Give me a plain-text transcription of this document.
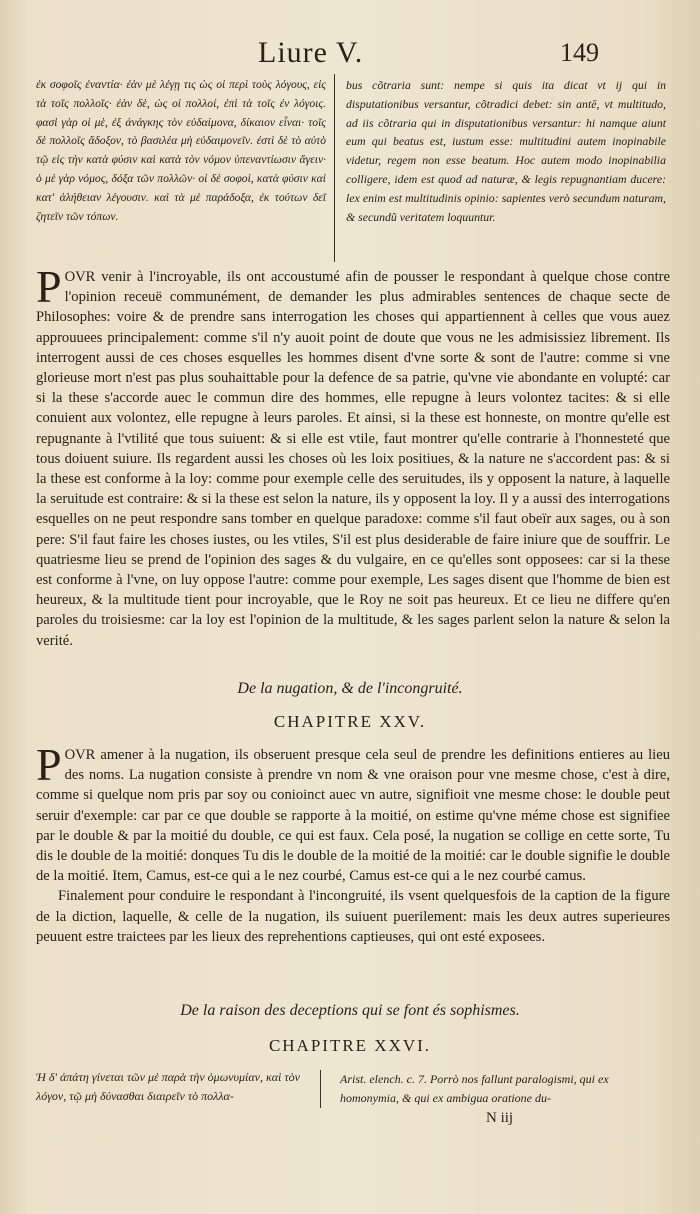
Liure V.	149
ἐκ σοφοῖς ἐναντία· ἐὰν μὲ λέγῃ τις ὡς οἱ περὶ τοὺς λόγους, εἰς τὰ τοῖς πολλοῖς· ἐὰν δὲ, ὡς οἱ πολλοί, ἐπὶ τὰ τοῖς ἐν λόγοις. φασὶ γὰρ οἱ μὲ, ἐξ ἀνάγκης τὸν εὐδαίμονα, δίκαιον εἶναι· τοῖς δὲ πολλοῖς ἄδοξον, τὸ βασιλέα μὴ εὐδαιμονεῖν. ἐστὶ δὲ τὸ αὐτὸ τῷ εἰς τὴν κατὰ φύσιν καὶ κατὰ τὸν νόμον ὑπεναντίωσιν ἄγειν· ὁ μὲ γὰρ νόμος, δόξα τῶν πολλῶν· οἱ δὲ σοφοὶ, κατὰ φύσιν καὶ κατ' ἀλήθειαν λέγουσιν. καὶ τὰ μὲ παράδοξα, ἐκ τούτων δεῖ ζητεῖν τῶν τόπων.
bus cõtraria sunt: nempe si quis ita dicat vt ij qui in disputationibus versantur, cõtradici debet: sin antē, vt multitudo, ad iis cõtraria qui in disputationibus versantur: hi namque aiunt eum qui beatus est, iustum esse: multitudini autem inopinabile videtur, regem non esse beatum. Hoc autem modo inopinabilia colligere, idem est quod ad naturæ, & legis repugnantiam ducere: lex enim est multitudinis opinio: sapientes verò secundum naturam, & secundũ veritatem loquuntur.

POVR venir à l'incroyable, ils ont accoustumé afin de pousser le respondant à quelque chose contre l'opinion receuë communément, de demander les plus admirables sentences de chaque secte de Philosophes: voire & de prendre sans interrogation les choses qui appartiennent à celles que vous auez approuuees principalement: comme s'il n'y auoit point de doute que vous ne les admisissiez librement. Ils interrogent aussi de ces choses esquelles les hommes disent d'vne sorte & sont de l'autre: comme si vne glorieuse mort n'est pas plus souhaittable pour la defence de sa patrie, qu'vne vie abondante en volupté: car si la these s'accorde auec le commun dire des hommes, elle repugne à leurs volontez tacites: & si elle conuient aux volontez, elle repugne à leurs paroles. Et ainsi, si la these est honneste, on montre qu'elle est repugnante à l'vtilité que tous suiuent: & si elle est vtile, faut montrer qu'elle contrarie à l'honnesteté que tous doiuent suiure. Ils regardent aussi les choses où les loix positiues, & la nature ne s'accordent pas: & si la these est conforme à la loy: comme pour exemple celle des seruitudes, ils y opposent la nature, à laquelle la seruitude est contraire: & si la these est selon la nature, ils y opposent la loy. Il y a aussi des interrogations esquelles on ne peut respondre sans tomber en quelque paradoxe: comme s'il faut obeïr aux sages, ou à son pere: S'il faut faire les choses iustes, ou les vtiles, S'il est plus desiderable de faire iniure que de souffrir. Le quatriesme lieu se prend de l'opinion des sages & du vulgaire, en ce qu'elles sont opposees: car si la these est conforme à l'vne, on luy oppose l'autre: comme pour exemple, Les sages disent que l'homme de bien est heureux, & la multitude tient pour incroyable, que le Roy ne soit pas heureux. Et ce lieu ne differe qu'en paroles du troisiesme: car la loy est l'opinion de la multitude, & les sages parlent selon la nature & selon la verité.

De la nugation, & de l'incongruité.
CHAPITRE XXV.

POVR amener à la nugation, ils obseruent presque cela seul de prendre les definitions entieres au lieu des noms. La nugation consiste à prendre vn nom & vne oraison pour vne mesme chose, c'est à dire, comme si quelque nom pris par soy ou conioinct auec vn autre, signifioit vne mesme chose: le double peut seruir d'exemple: car par ce que double se rapporte à la moitié, on estime qu'vne méme chose est signifiee par le double & par la moitié du double, ce qui est faux. Cela posé, la nugation se collige en cette sorte, Tu dis le double de la moitié: donques Tu dis le double de la moitié de la moitié: car le double signifie le double de la moitié. Item, Camus, est-ce qui a le nez courbé, Camus est-ce qui a le nez courbé camus.

Finalement pour conduire le respondant à l'incongruité, ils vsent quelquesfois de la caption de la figure de la diction, laquelle, & celle de la nugation, ils suiuent puerilement: mais les deux autres superieures peuuent estre traictees par les lieux des reprehentions captieuses, qui ont esté exposees.

De la raison des deceptions qui se font és sophismes.
CHAPITRE XXVI.
Ἡ δ' ἀπάτη γίνεται τῶν μὲ παρὰ τὴν ὁμωνυμίαν, καὶ τὸν λόγον, τῷ μὴ δύνασθαι διαιρεῖν τὸ πολλα-
Arist. elench. c. 7. Porrò nos fallunt paralogismi, qui ex homonymia, & qui ex ambigua oratione du-
N iij
